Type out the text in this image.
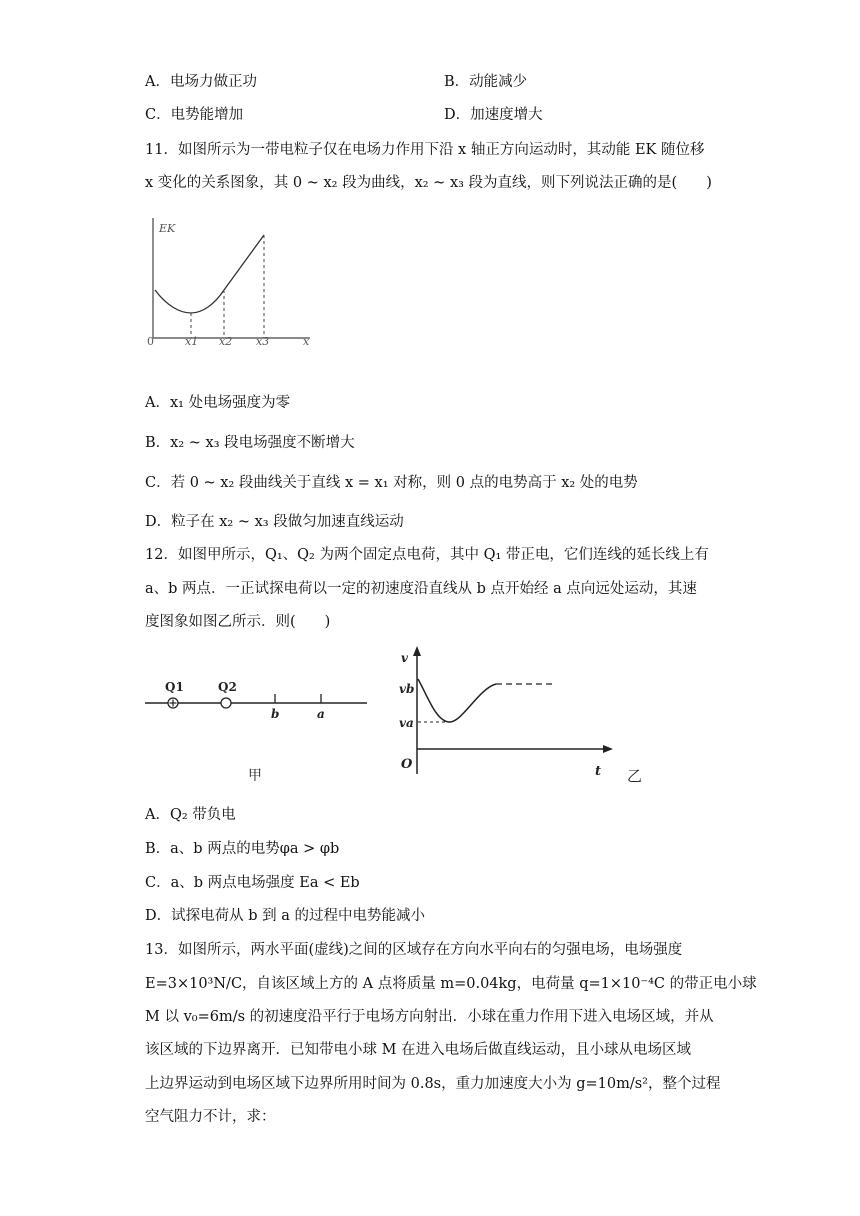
A．电场力做正功	B．动能减少
C．电势能增加	D．加速度增大
11．如图所示为一带电粒子仅在电场力作用下沿 x 轴正方向运动时，其动能 EK 随位移
x 变化的关系图象，其 0 ~ x₂ 段为曲线，x₂ ~ x₃ 段为直线，则下列说法正确的是(　　)
EK
0	x1 x2 x3	x
A．x₁ 处电场强度为零
B．x₂ ~ x₃ 段电场强度不断增大
C．若 0 ~ x₂ 段曲线关于直线 x = x₁ 对称，则 0 点的电势高于 x₂ 处的电势
D．粒子在 x₂ ~ x₃ 段做匀加速直线运动
12．如图甲所示，Q₁、Q₂ 为两个固定点电荷，其中 Q₁ 带正电，它们连线的延长线上有
a、b 两点．一正试探电荷以一定的初速度沿直线从 b 点开始经 a 点向远处运动，其速
度图象如图乙所示．则(　　)
Q1	Q2
b	a
甲
v
vb
va
O	t 乙
A．Q₂ 带负电
B．a、b 两点的电势φa > φb
C．a、b 两点电场强度 Ea < Eb
D．试探电荷从 b 到 a 的过程中电势能减小
13．如图所示，两水平面(虚线)之间的区域存在方向水平向右的匀强电场，电场强度
E=3×10³N/C，自该区域上方的 A 点将质量 m=0.04kg，电荷量 q=1×10⁻⁴C 的带正电小球
M 以 v₀=6m/s 的初速度沿平行于电场方向射出．小球在重力作用下进入电场区域，并从
该区域的下边界离开．已知带电小球 M 在进入电场后做直线运动，且小球从电场区域
上边界运动到电场区域下边界所用时间为 0.8s，重力加速度大小为 g=10m/s²，整个过程
空气阻力不计，求：
